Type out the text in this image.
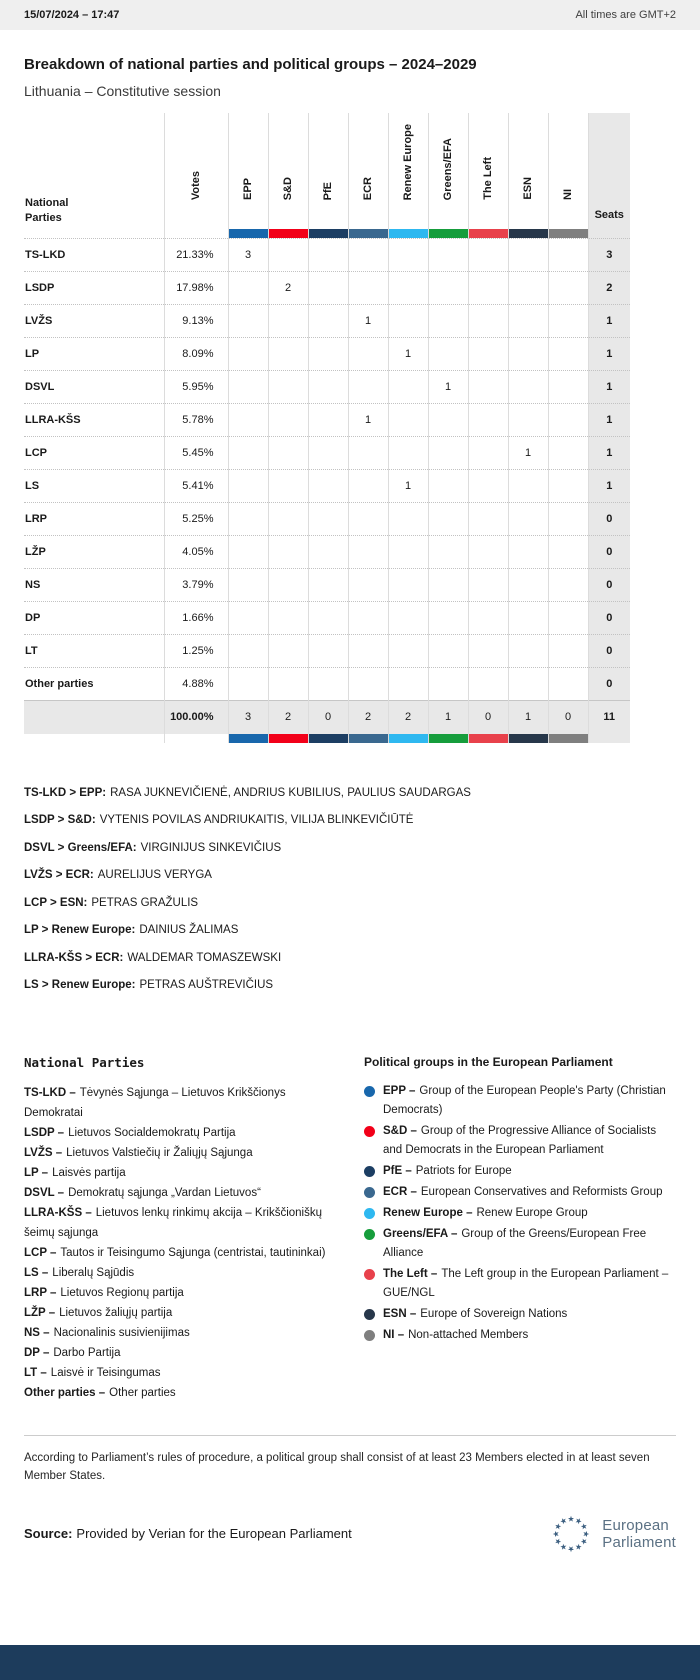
15/07/2024 – 17:47	All times are GMT+2
Breakdown of national parties and political groups – 2024–2029
Lithuania – Constitutive session
National Parties	Votes	EPP	S&D	PfE	ECR	Renew Europe	Greens/EFA	The Left	ESN	NI	Seats

TS-LKD	21.33%	3									3
LSDP	17.98%		2								2
LVŽS	9.13%				1						1
LP	8.09%					1					1
DSVL	5.95%						1				1
LLRA-KŠS	5.78%				1						1
LCP	5.45%								1		1
LS	5.41%					1					1
LRP	5.25%										0
LŽP	4.05%										0
NS	3.79%										0
DP	1.66%										0
LT	1.25%										0
Other parties	4.88%										0
	100.00%	3	2	0	2	2	1	0	1	0	11

TS-LKD > EPP: RASA JUKNEVIČIENĖ, ANDRIUS KUBILIUS, PAULIUS SAUDARGAS
LSDP > S&D: VYTENIS POVILAS ANDRIUKAITIS, VILIJA BLINKEVIČIŪTĖ
DSVL > Greens/EFA: VIRGINIJUS SINKEVIČIUS
LVŽS > ECR: AURELIJUS VERYGA
LCP > ESN: PETRAS GRAŽULIS
LP > Renew Europe: DAINIUS ŽALIMAS
LLRA-KŠS > ECR: WALDEMAR TOMASZEWSKI
LS > Renew Europe: PETRAS AUŠTREVIČIUS
National Parties
TS-LKD – Tėvynės Sąjunga – Lietuvos Krikščionys Demokratai
LSDP – Lietuvos Socialdemokratų Partija
LVŽS – Lietuvos Valstiečių ir Žaliųjų Sąjunga
LP – Laisvės partija
DSVL – Demokratų sąjunga „Vardan Lietuvos“
LLRA-KŠS – Lietuvos lenkų rinkimų akcija – Krikščioniškų šeimų sąjunga
LCP – Tautos ir Teisingumo Sąjunga (centristai, tautininkai)
LS – Liberalų Sąjūdis
LRP – Lietuvos Regionų partija
LŽP – Lietuvos žaliųjų partija
NS – Nacionalinis susivienijimas
DP – Darbo Partija
LT – Laisvė ir Teisingumas
Other parties – Other parties
Political groups in the European Parliament
EPP – Group of the European People's Party (Christian Democrats)
S&D – Group of the Progressive Alliance of Socialists and Democrats in the European Parliament
PfE – Patriots for Europe
ECR – European Conservatives and Reformists Group
Renew Europe – Renew Europe Group
Greens/EFA – Group of the Greens/European Free Alliance
The Left – The Left group in the European Parliament – GUE/NGL
ESN – Europe of Sovereign Nations
NI – Non-attached Members
According to Parliament’s rules of procedure, a political group shall consist of at least 23 Members elected in at least seven Member States.
Source: Provided by Verian for the European Parliament	European
Parliament
